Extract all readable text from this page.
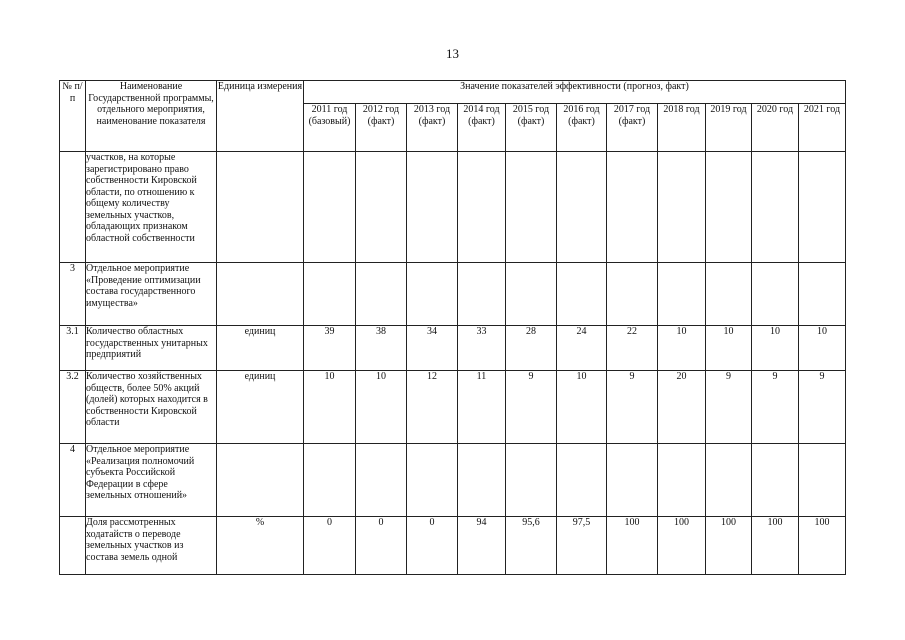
13
№ п/п	Наименование Государственной программы, отдельного мероприятия, наименование показателя	Единица измерения	Значение показателей эффективности (прогноз, факт)										
			2011 год (базовый)	2012 год (факт)	2013 год (факт)	2014 год (факт)	2015 год (факт)	2016 год (факт)	2017 год (факт)	2018 год	2019 год	2020 год	2021 год
	участков, на которые зарегистрировано право собственности Кировской области, по отношению к общему количеству земельных участков, обладающих признаком областной собственности												
3	Отдельное мероприятие «Проведение оптимизации состава государственного имущества»												
3.1	Количество областных государственных унитарных предприятий	единиц	39	38	34	33	28	24	22	10	10	10	10
3.2	Количество хозяйственных обществ, более 50% акций (долей) которых находится в собственности Кировской области	единиц	10	10	12	11	9	10	9	20	9	9	9
4	Отдельное мероприятие «Реализация полномочий субъекта Российской Федерации в сфере земельных отношений»												
	Доля рассмотренных ходатайств о переводе земельных участков из состава земель одной	%	0	0	0	94	95,6	97,5	100	100	100	100	100
